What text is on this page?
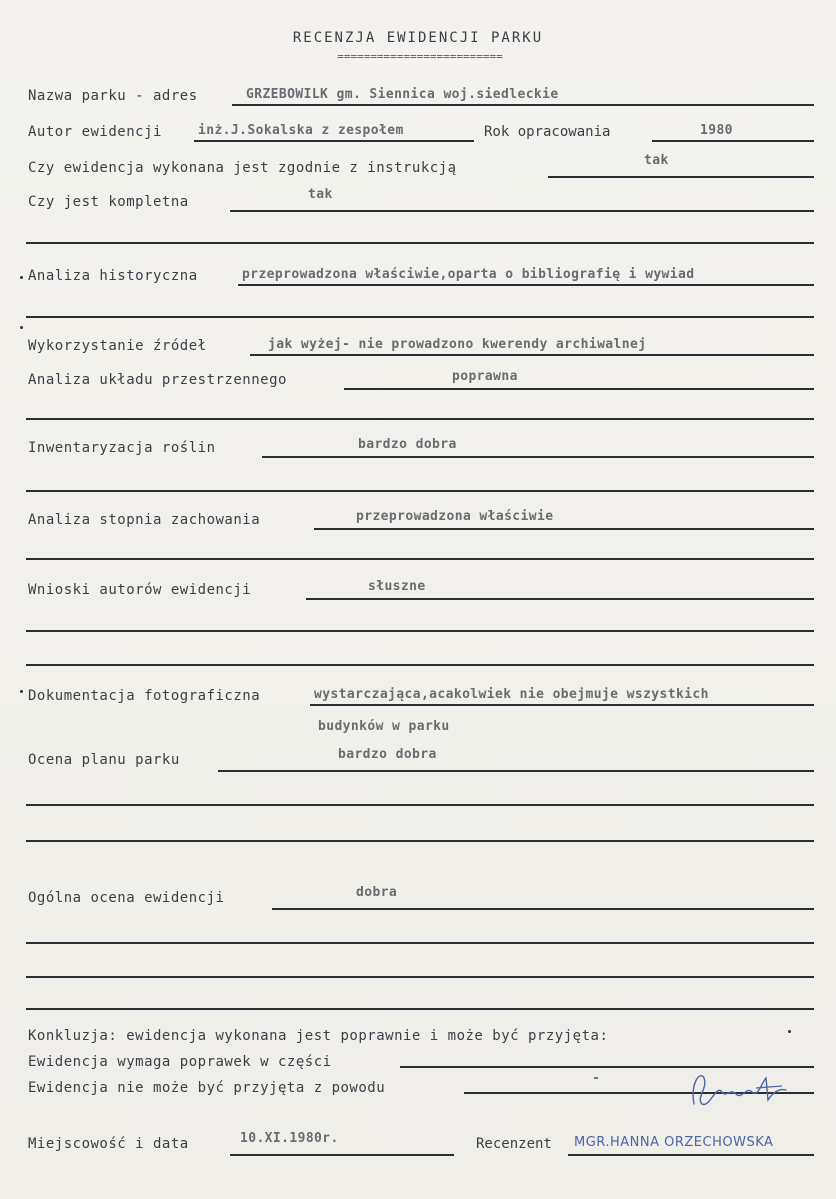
RECENZJA EWIDENCJI PARKU
=========================
Nazwa parku - adres	GRZEBOWILK gm. Siennica woj.siedleckie
Autor ewidencji	inż.J.Sokalska z zespołem	Rok opracowania	1980
Czy ewidencja wykonana jest zgodnie z instrukcją	tak
Czy jest kompletna	tak
Analiza historyczna	przeprowadzona właściwie,oparta o bibliografię i wywiad
Wykorzystanie źródeł	jak wyżej- nie prowadzono kwerendy archiwalnej
Analiza układu przestrzennego	poprawna
Inwentaryzacja roślin	bardzo dobra
Analiza stopnia zachowania	przeprowadzona właściwie
Wnioski autorów ewidencji	słuszne
Dokumentacja fotograficzna	wystarczająca,acakolwiek nie obejmuje wszystkich
budynków w parku
Ocena planu parku	bardzo dobra
Ogólna ocena ewidencji	dobra
Konkluzja: ewidencja wykonana jest poprawnie i może być przyjęta:
Ewidencja wymaga poprawek w części
Ewidencja nie może być przyjęta z powodu
-
Miejscowość i data	10.XI.1980r.	Recenzent MGR.HANNA ORZECHOWSKA
